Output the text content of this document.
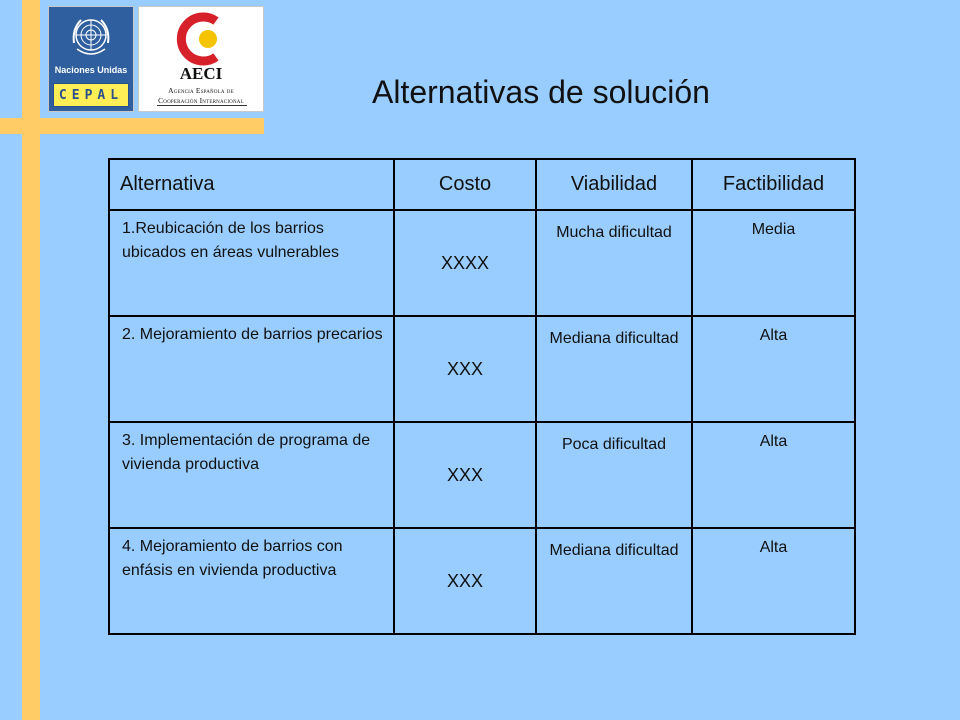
Naciones Unidas
CEPAL
AECI
Agencia Española de
Cooperación Internacional	Alternativas de solución
Alternativa	Costo	Viabilidad	Factibilidad
1.Reubicación de los barrios ubicados en áreas vulnerables	XXXX	Mucha dificultad	Media
2. Mejoramiento de barrios precarios	XXX	Mediana dificultad	Alta
3. Implementación de programa de vivienda productiva	XXX	Poca dificultad	Alta
4. Mejoramiento de barrios con enfásis en vivienda productiva	XXX	Mediana dificultad	Alta
